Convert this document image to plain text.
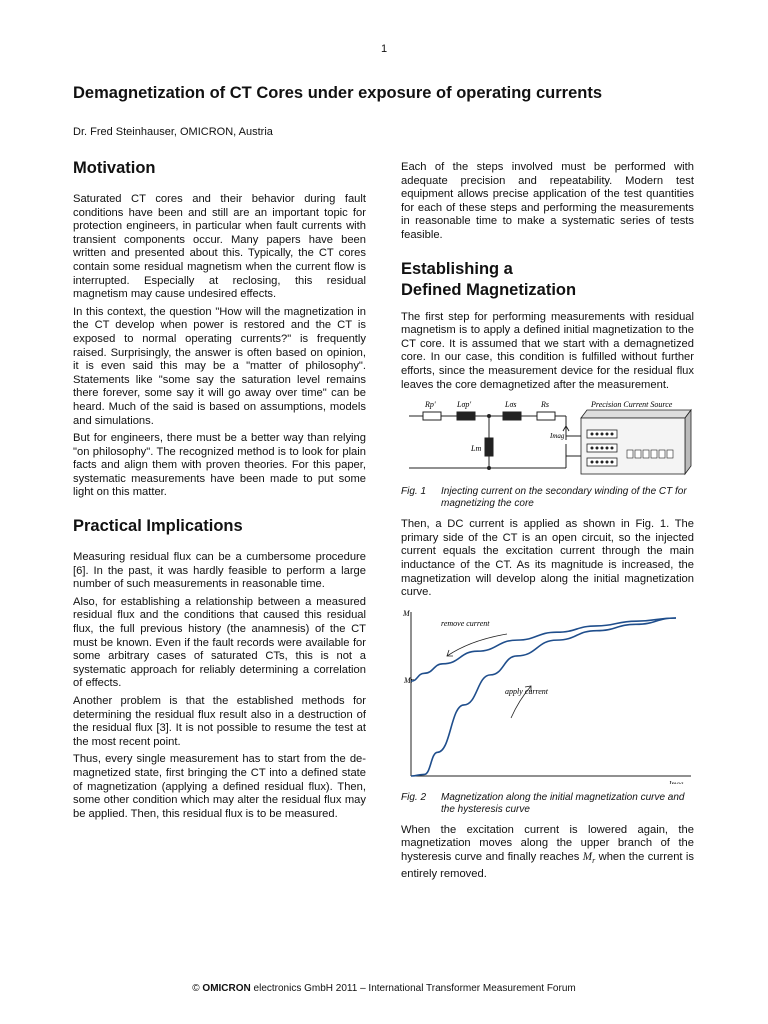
1
Demagnetization of CT Cores under exposure of operating currents
Dr. Fred Steinhauser, OMICRON, Austria
Motivation

Saturated CT cores and their behavior during fault conditions have been and still are an important topic for protection engineers, in particular when fault currents with transient components occur. Many papers have been written and presented about this. Typically, the CT cores contain some residual magnetism when the current flow is interrupted. Especially at reclosing, this residual magnetism may cause undesired effects.

In this context, the question "How will the magnetization in the CT develop when power is restored and the CT is exposed to normal operating currents?" is frequently raised. Surprisingly, the answer is often based on opinion, it is even said this may be a "matter of philosophy". Statements like "some say the saturation level remains there forever, some say it will go away over time" can be heard. Much of the said is based on assumptions, models and simulations.

But for engineers, there must be a better way than relying "on philosophy". The recognized method is to look for plain facts and align them with proven theories. For this paper, systematic measurements have been made to put some light on this matter.

Practical Implications

Measuring residual flux can be a cumbersome procedure [6]. In the past, it was hardly feasible to perform a large number of such measurements in reasonable time.

Also, for establishing a relationship between a measured residual flux and the conditions that caused this residual flux, the full previous history (the anamnesis) of the CT must be known. Even if the fault records were available for some arbitrary cases of saturated CTs, this is not a systematic approach for reliably determining a correlation of effects.

Another problem is that the established methods for determining the residual flux result also in a destruction of the residual flux [3]. It is not possible to resume the test at the most recent point.

Thus, every single measurement has to start from the de-magnetized state, first bringing the CT into a defined state of magnetization (applying a defined residual flux). Then, some other condition which may alter the residual flux may be applied. Then, this residual flux is to be measured.

Each of the steps involved must be performed with adequate precision and repeatability. Modern test equipment allows precise application of the test quantities for each of these steps and performing the measurements in reasonable time to make a systematic series of tests feasible.

Establishing a
Defined Magnetization

The first step for performing measurements with residual magnetism is to apply a defined initial magnetization to the CT core. It is assumed that we start with a demagnetized core. In our case, this condition is fulfilled without further efforts, since the measurement device for the residual flux leaves the core demagnetized after the measurement.

Rp'	Lσp'	Lσs	Rs
Lm
Imag
Precision Current Source
Fig. 1	Injecting current on the secondary winding of the CT for magnetizing the core

Then, a DC current is applied as shown in Fig. 1. The primary side of the CT is an open circuit, so the injected current equals the excitation current through the main inductance of the CT. As its magnitude is increased, the magnetization will develop along the initial magnetization curve.

M
Mr
Imag
remove current
apply current
Fig. 2	Magnetization along the initial magnetization curve and the hysteresis curve

When the excitation current is lowered again, the magnetization moves along the upper branch of the hysteresis curve and finally reaches $M_r$ when the current is entirely removed.

© OMICRON electronics GmbH 2011 – International Transformer Measurement Forum
